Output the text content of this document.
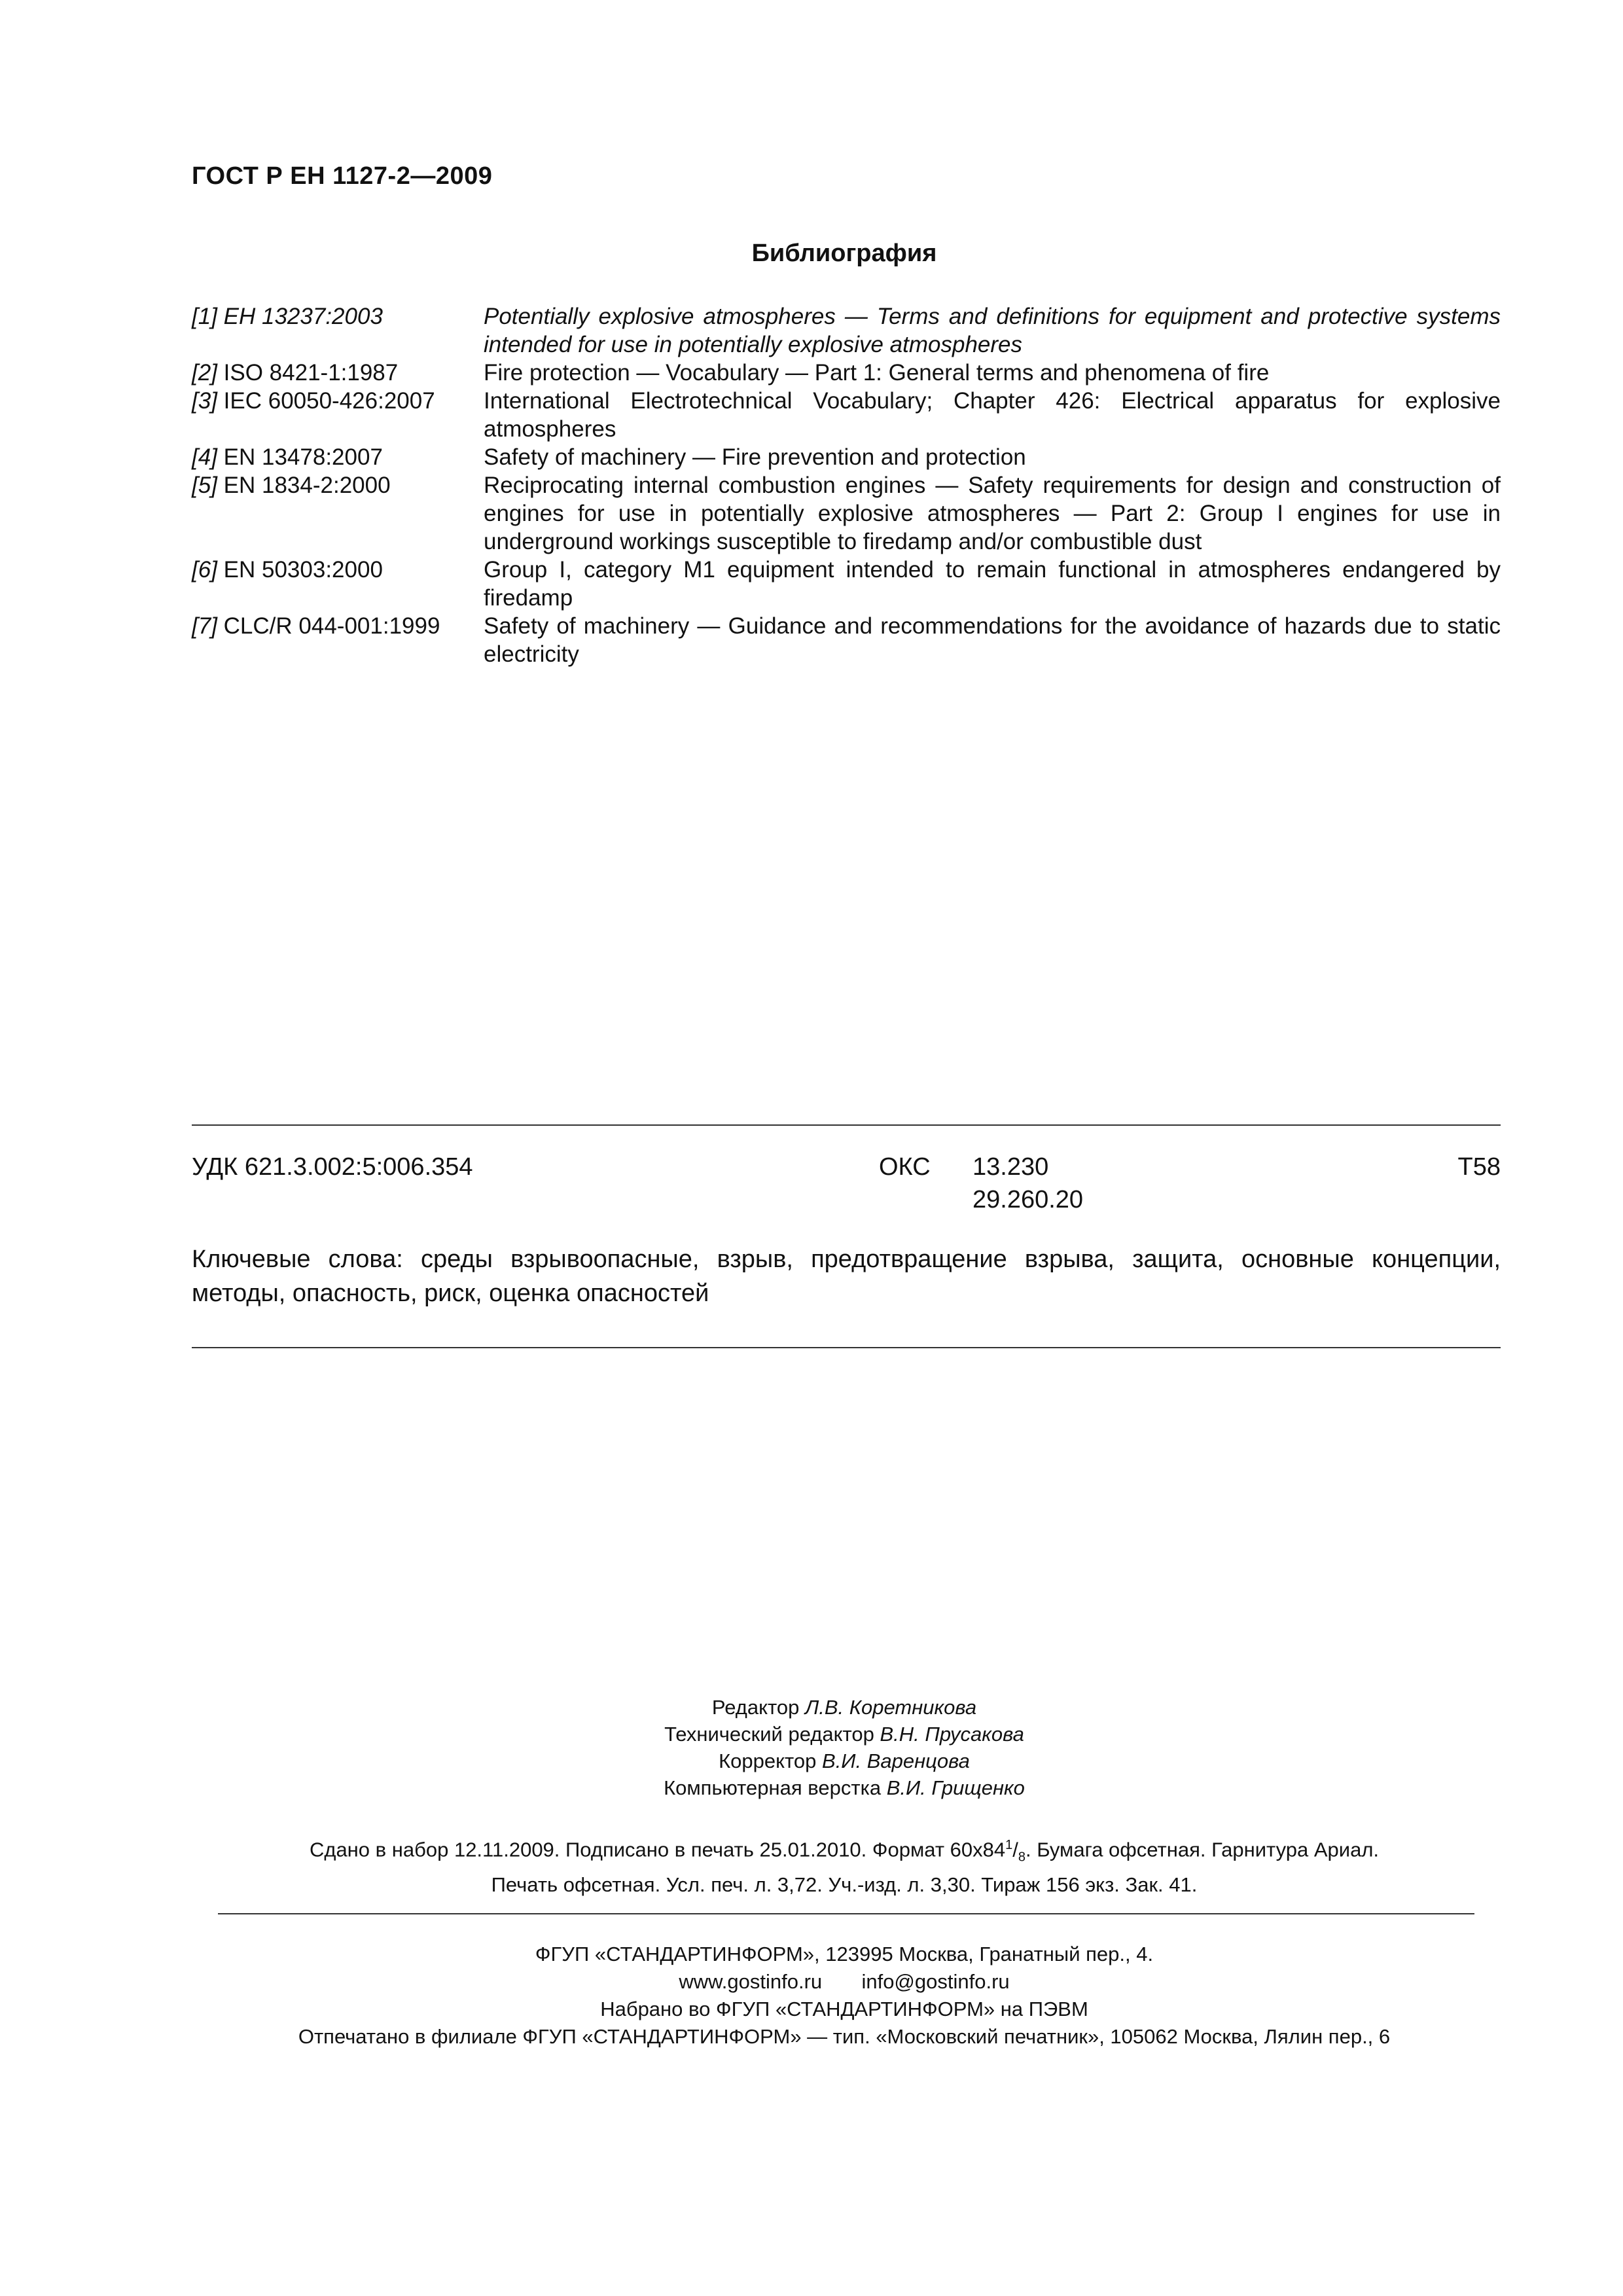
ГОСТ Р ЕН 1127-2—2009
Библиография
[1] ЕН 13237:2003	Potentially explosive atmospheres — Terms and definitions for equipment and protective systems intended for use in potentially explosive atmospheres
[2] ISO 8421-1:1987	Fire protection — Vocabulary — Part 1: General terms and phenomena of fire
[3] IEC 60050-426:2007	International Electrotechnical Vocabulary; Chapter 426: Electrical apparatus for explosive atmospheres
[4] EN 13478:2007	Safety of machinery — Fire prevention and protection
[5] EN 1834-2:2000	Reciprocating internal combustion engines — Safety requirements for design and construction of engines for use in potentially explosive atmospheres — Part 2: Group I engines for use in underground workings susceptible to firedamp and/or combustible dust
[6] EN 50303:2000	Group I, category M1 equipment intended to remain functional in atmospheres endangered by firedamp
[7] CLC/R 044-001:1999	Safety of machinery — Guidance and recommendations for the avoidance of hazards due to static electricity
УДК 621.3.002:5:006.354	ОКС 13.230
29.260.20
Т58
Ключевые слова: среды взрывоопасные, взрыв, предотвращение взрыва, защита, основные концепции, методы, опасность, риск, оценка опасностей
Редактор Л.В. Коретникова
Технический редактор В.Н. Прусакова
Корректор В.И. Варенцова
Компьютерная верстка В.И. Грищенко
Сдано в набор 12.11.2009. Подписано в печать 25.01.2010. Формат $60x84^1/_8$. Бумага офсетная. Гарнитура Ариал.
Печать офсетная. Усл. печ. л. 3,72. Уч.-изд. л. 3,30. Тираж 156 экз. Зак. 41.
ФГУП «СТАНДАРТИНФОРМ», 123995 Москва, Гранатный пер., 4.
www.gostinfo.ru info@gostinfo.ru
Набрано во ФГУП «СТАНДАРТИНФОРМ» на ПЭВМ
Отпечатано в филиале ФГУП «СТАНДАРТИНФОРМ» — тип. «Московский печатник», 105062 Москва, Лялин пер., 6
